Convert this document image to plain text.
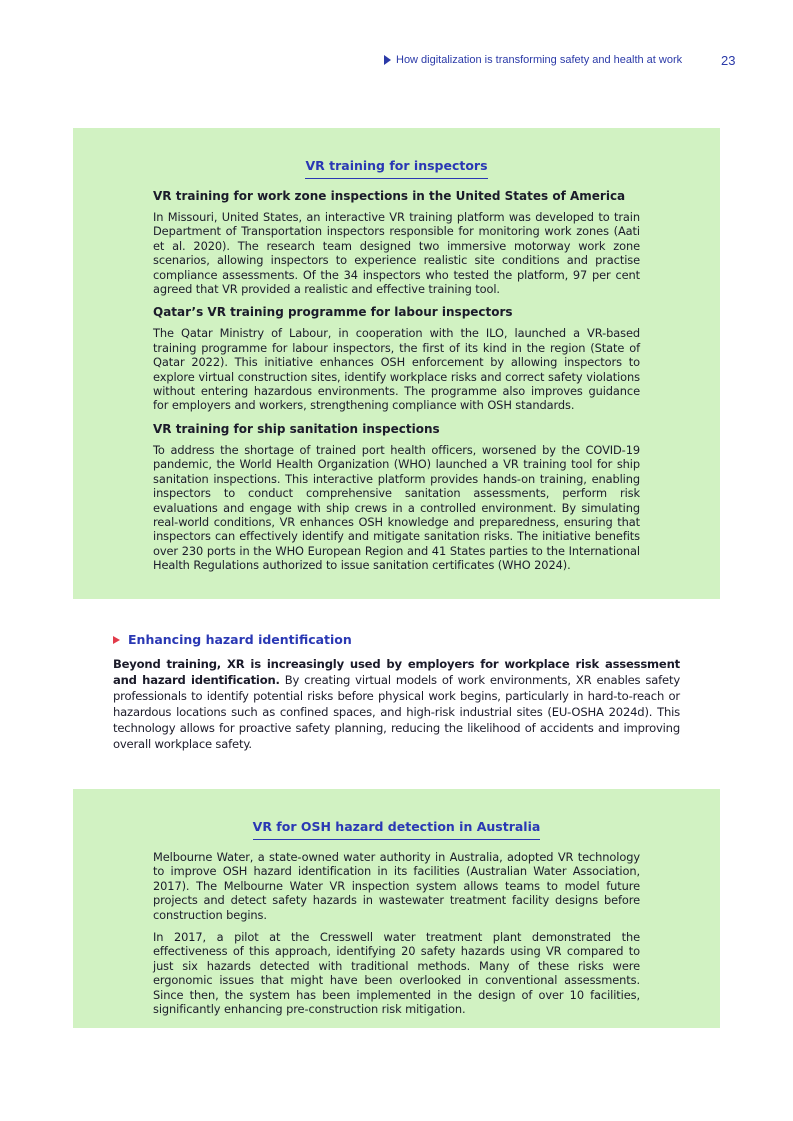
How digitalization is transforming safety and health at work	23
VR training for inspectors

VR training for work zone inspections in the United States of America

In Missouri, United States, an interactive VR training platform was developed to train Department of Transportation inspectors responsible for monitoring work zones (Aati et al. 2020). The research team designed two immersive motorway work zone scenarios, allowing inspectors to experience realistic site conditions and practise compliance assessments. Of the 34 inspectors who tested the platform, 97 per cent agreed that VR provided a realistic and effective training tool.

Qatar’s VR training programme for labour inspectors

The Qatar Ministry of Labour, in cooperation with the ILO, launched a VR-based training programme for labour inspectors, the first of its kind in the region (State of Qatar 2022). This initiative enhances OSH enforcement by allowing inspectors to explore virtual construction sites, identify workplace risks and correct safety violations without entering hazardous environments. The programme also improves guidance for employers and workers, strengthening compliance with OSH standards.

VR training for ship sanitation inspections

To address the shortage of trained port health officers, worsened by the COVID-19 pandemic, the World Health Organization (WHO) launched a VR training tool for ship sanitation inspections. This interactive platform provides hands-on training, enabling inspectors to conduct comprehensive sanitation assessments, perform risk evaluations and engage with ship crews in a controlled environment. By simulating real-world conditions, VR enhances OSH knowledge and preparedness, ensuring that inspectors can effectively identify and mitigate sanitation risks. The initiative benefits over 230 ports in the WHO European Region and 41 States parties to the International Health Regulations authorized to issue sanitation certificates (WHO 2024).

Enhancing hazard identification

Beyond training, XR is increasingly used by employers for workplace risk assessment and hazard identification. By creating virtual models of work environments, XR enables safety professionals to identify potential risks before physical work begins, particularly in hard-to-reach or hazardous locations such as confined spaces, and high-risk industrial sites (EU-OSHA 2024d). This technology allows for proactive safety planning, reducing the likelihood of accidents and improving overall workplace safety.

VR for OSH hazard detection in Australia

Melbourne Water, a state-owned water authority in Australia, adopted VR technology to improve OSH hazard identification in its facilities (Australian Water Association, 2017). The Melbourne Water VR inspection system allows teams to model future projects and detect safety hazards in wastewater treatment facility designs before construction begins.

In 2017, a pilot at the Cresswell water treatment plant demonstrated the effectiveness of this approach, identifying 20 safety hazards using VR compared to just six hazards detected with traditional methods. Many of these risks were ergonomic issues that might have been overlooked in conventional assessments. Since then, the system has been implemented in the design of over 10 facilities, significantly enhancing pre-construction risk mitigation.
